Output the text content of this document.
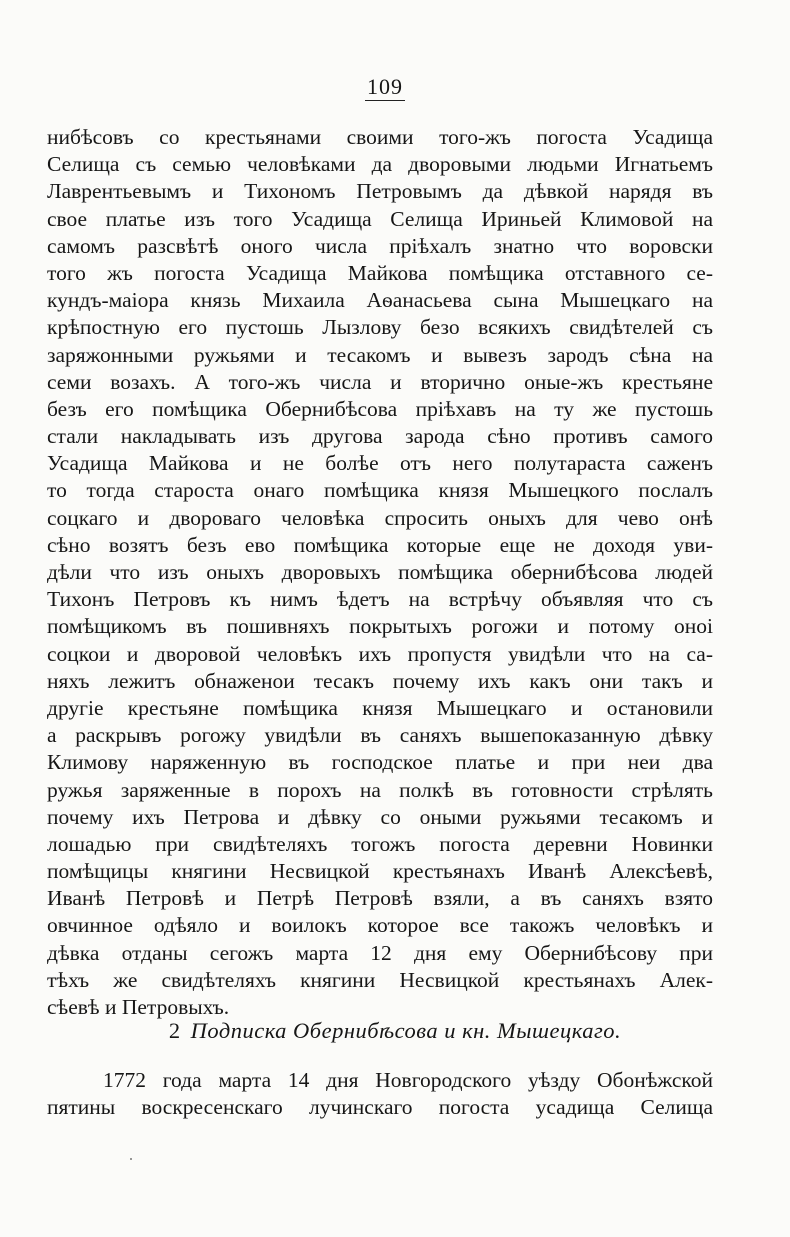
109
нибѣсовъ со крестьянами своими того-жъ погоста Усадища
Селища съ семью человѣками да дворовыми людьми Игнатьемъ
Лаврентьевымъ и Тихономъ Петровымъ да дѣвкой нарядя въ
свое платье изъ того Усадища Селища Ириньей Климовой на
самомъ разсвѣтѣ оного числа прiѣхалъ знатно что воровски
того жъ погоста Усадища Майкова помѣщика отставного се-
кундъ-маiора князь Михаила Аѳанасьева сына Мышецкаго на
крѣпостную его пустошь Лызлову безо всякихъ свидѣтелей съ
заряжонными ружьями и тесакомъ и вывезъ зародъ сѣна на
семи возахъ. А того-жъ числа и вторично оные-жъ крестьяне
безъ его помѣщика Обернибѣсова прiѣхавъ на ту же пустошь
стали накладывать изъ другова зарода сѣно противъ самого
Усадища Майкова и не болѣе отъ него полутараста саженъ
то тогда староста онаго помѣщика князя Мышецкого послалъ
соцкаго и двороваго человѣка спросить оныхъ для чево онѣ
сѣно возятъ безъ ево помѣщика которые еще не доходя уви-
дѣли что изъ оныхъ дворовыхъ помѣщика обернибѣсова людей
Тихонъ Петровъ къ нимъ ѣдетъ на встрѣчу объявляя что съ
помѣщикомъ въ пошивняхъ покрытыхъ рогожи и потому оноi
соцкои и дворовой человѣкъ ихъ пропустя увидѣли что на са-
няхъ лежитъ обнаженои тесакъ почему ихъ какъ они такъ и
другiе крестьяне помѣщика князя Мышецкаго и остановили
а раскрывъ рогожу увидѣли въ саняхъ вышепоказанную дѣвку
Климову наряженную въ господское платье и при неи два
ружья заряженные в порохъ на полкѣ въ готовности стрѣлять
почему ихъ Петрова и дѣвку со оными ружьями тесакомъ и
лошадью при свидѣтеляхъ тогожъ погоста деревни Новинки
помѣщицы княгини Несвицкой крестьянахъ Иванѣ Алексѣевѣ,
Иванѣ Петровѣ и Петрѣ Петровѣ взяли, а въ саняхъ взято
овчинное одѣяло и воилокъ которое все такожъ человѣкъ и
дѣвка отданы сегожъ марта 12 дня ему Обернибѣсову при
тѣхъ же свидѣтеляхъ княгини Несвицкой крестьянахъ Алек-
сѣевѣ и Петровыхъ.
2 Подписка Обернибѣсова и кн. Мышецкаго.
1772 года марта 14 дня Новгородского уѣзду Обонѣжской
пятины воскресенскаго лучинскаго погоста усадища Селища
